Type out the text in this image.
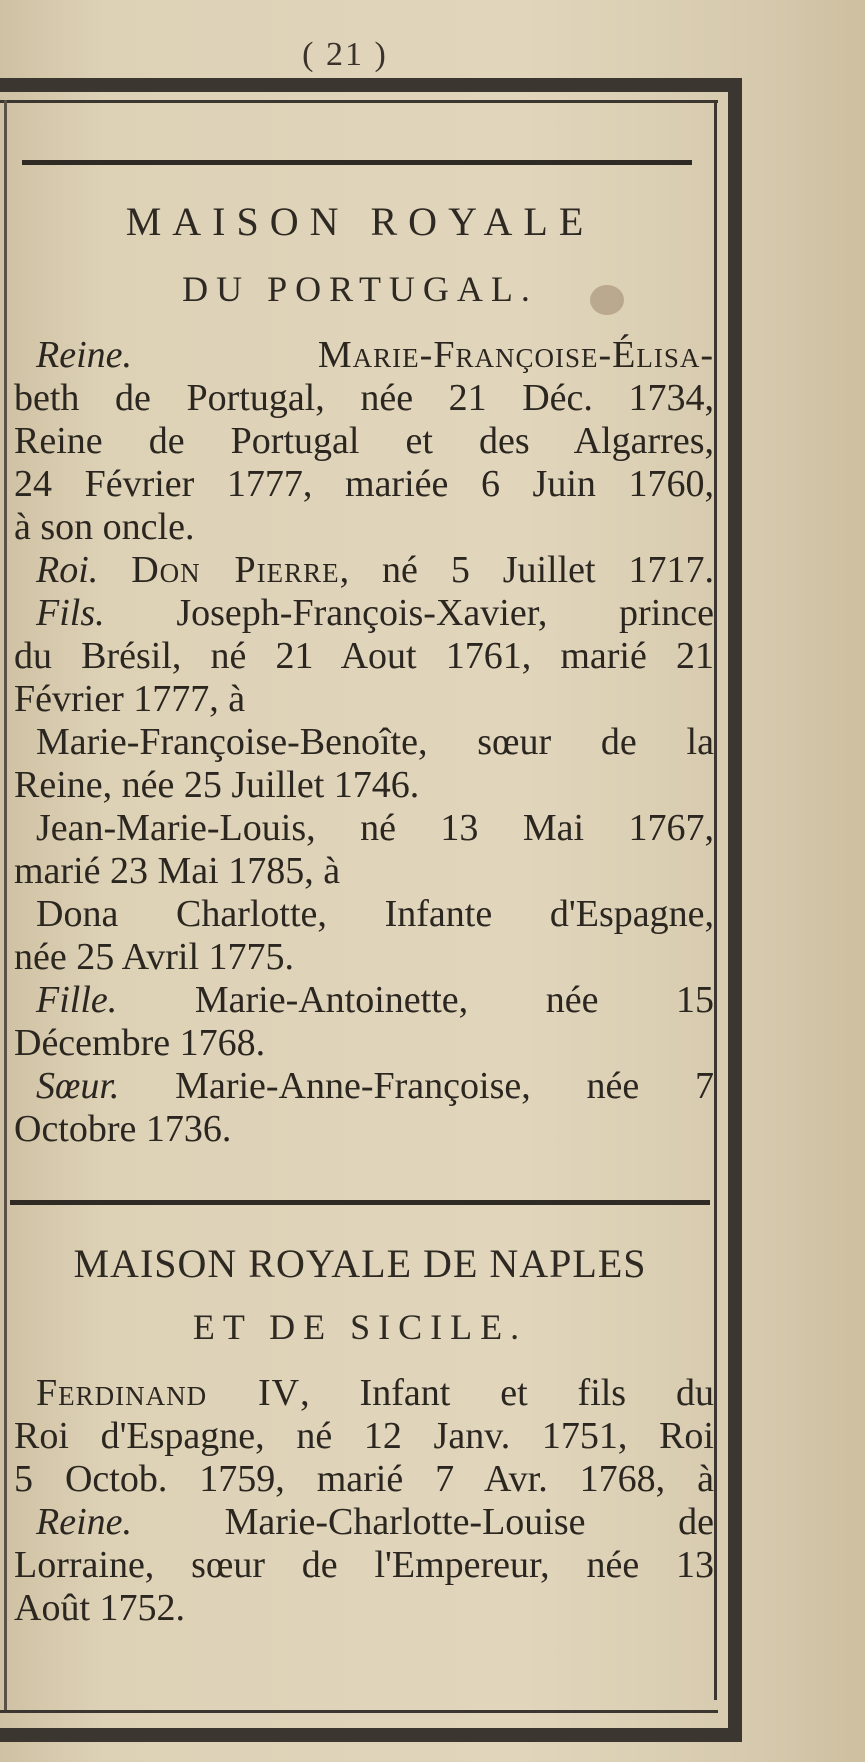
( 21 )
MAISON ROYALE
DU PORTUGAL.
Reine.	Marie-Françoise-Élisa-
beth de Portugal, née 21 Déc. 1734,
Reine de Portugal et des Algarres,
24 Février 1777, mariée 6 Juin 1760,
à son oncle.
Roi. Don Pierre, né 5 Juillet 1717.
Fils. Joseph-François-Xavier, prince
du Brésil, né 21 Aout 1761, marié 21
Février 1777, à
Marie-Françoise-Benoîte, sœur de la
Reine, née 25 Juillet 1746.
Jean-Marie-Louis, né 13 Mai 1767,
marié 23 Mai 1785, à
Dona Charlotte, Infante d'Espagne,
née 25 Avril 1775.
Fille. Marie-Antoinette, née 15
Décembre 1768.
Sœur. Marie-Anne-Françoise, née 7
Octobre 1736.
MAISON ROYALE DE NAPLES
ET DE SICILE.
Ferdinand IV, Infant et fils du
Roi d'Espagne, né 12 Janv. 1751, Roi
5 Octob. 1759, marié 7 Avr. 1768, à
Reine. Marie-Charlotte-Louise de
Lorraine, sœur de l'Empereur, née 13
Août 1752.
